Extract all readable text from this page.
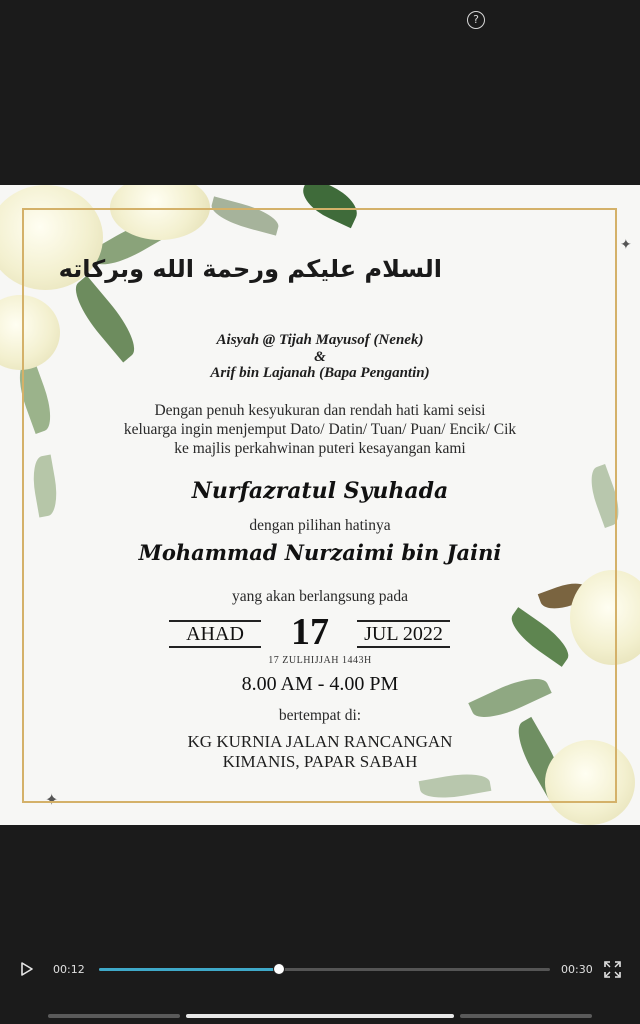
?
✦
✦
السلام عليكم ورحمة الله وبركاته
Aisyah @ Tijah Mayusof (Nenek)
&
Arif bin Lajanah (Bapa Pengantin)
Dengan penuh kesyukuran dan rendah hati kami seisi
keluarga ingin menjemput Dato/ Datin/ Tuan/ Puan/ Encik/ Cik
ke majlis perkahwinan puteri kesayangan kami
Nurfazratul Syuhada
dengan pilihan hatinya
Mohammad Nurzaimi bin Jaini
yang akan berlangsung pada
AHAD	17	JUL 2022
17 ZULHIJJAH 1443H
8.00 AM - 4.00 PM
bertempat di:
KG KURNIA JALAN RANCANGAN
KIMANIS, PAPAR SABAH
00:12	00:30
